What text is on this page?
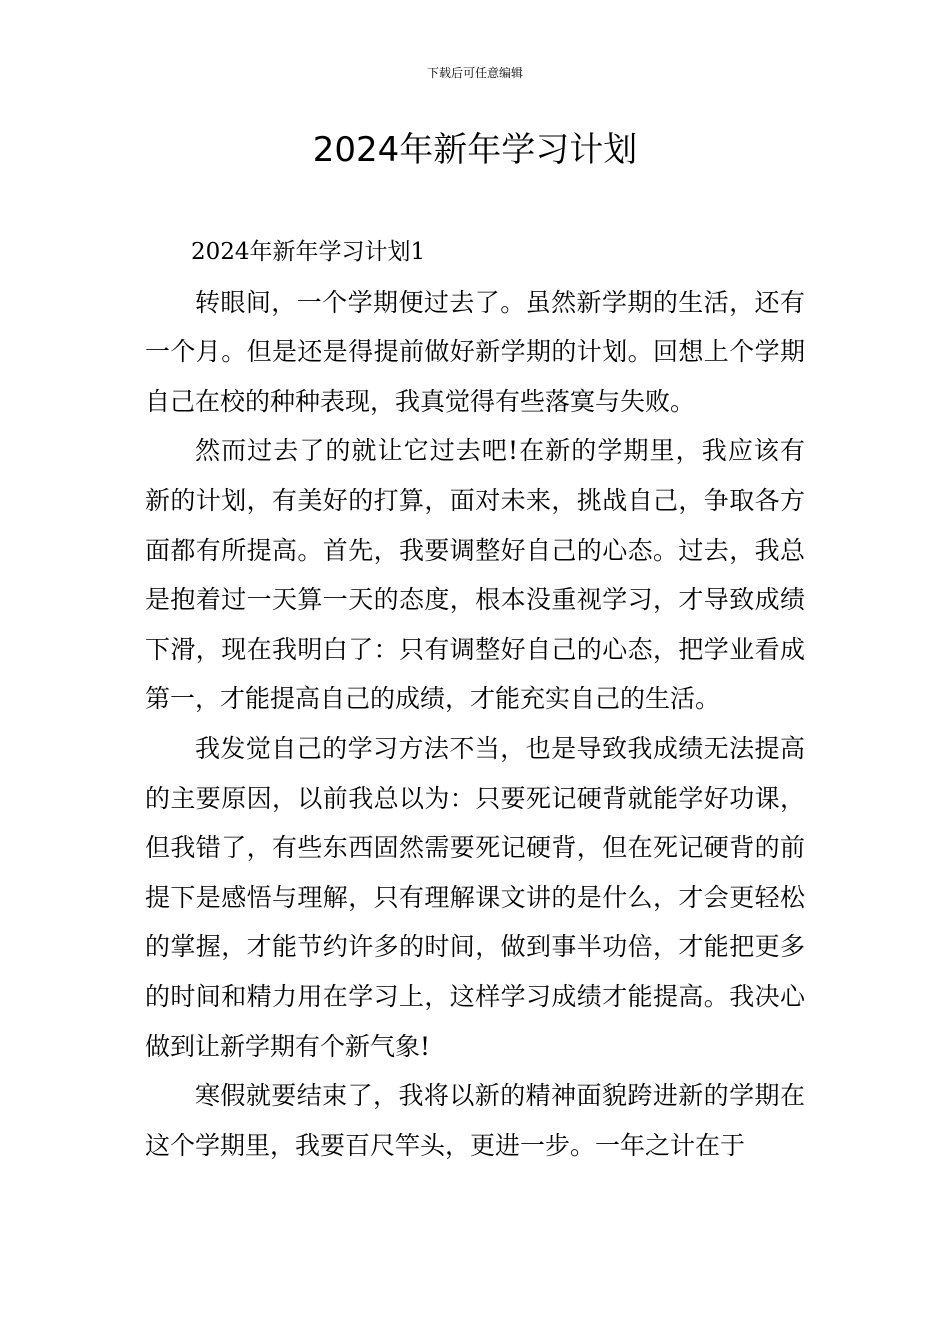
下载后可任意编辑
2024年新年学习计划

2024年新年学习计划1

转眼间，一个学期便过去了。虽然新学期的生活，还有一个月。但是还是得提前做好新学期的计划。回想上个学期自己在校的种种表现，我真觉得有些落寞与失败。

然而过去了的就让它过去吧!在新的学期里，我应该有新的计划，有美好的打算，面对未来，挑战自己，争取各方面都有所提高。首先，我要调整好自己的心态。过去，我总是抱着过一天算一天的态度，根本没重视学习，才导致成绩下滑，现在我明白了：只有调整好自己的心态，把学业看成第一，才能提高自己的成绩，才能充实自己的生活。

我发觉自己的学习方法不当，也是导致我成绩无法提高的主要原因，以前我总以为：只要死记硬背就能学好功课，但我错了，有些东西固然需要死记硬背，但在死记硬背的前提下是感悟与理解，只有理解课文讲的是什么，才会更轻松的掌握，才能节约许多的时间，做到事半功倍，才能把更多的时间和精力用在学习上，这样学习成绩才能提高。我决心做到让新学期有个新气象!

寒假就要结束了，我将以新的精神面貌跨进新的学期在这个学期里，我要百尺竿头，更进一步。一年之计在于
